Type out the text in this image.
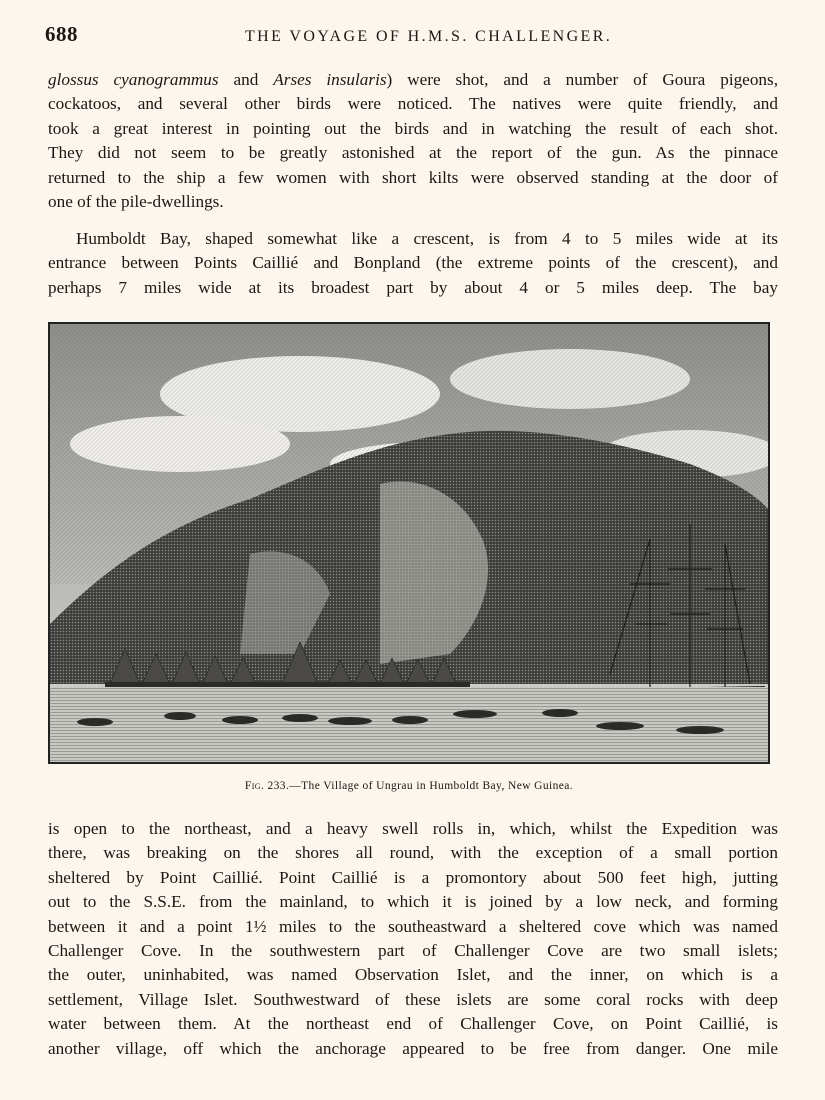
688	THE VOYAGE OF H.M.S. CHALLENGER.
glossus cyanogrammus and Arses insularis) were shot, and a number of Goura pigeons,
cockatoos, and several other birds were noticed. The natives were quite friendly, and
took a great interest in pointing out the birds and in watching the result of each shot.
They did not seem to be greatly astonished at the report of the gun. As the pinnace
returned to the ship a few women with short kilts were observed standing at the door of
one of the pile-dwellings.
Humboldt Bay, shaped somewhat like a crescent, is from 4 to 5 miles wide at its
entrance between Points Caillié and Bonpland (the extreme points of the crescent), and
perhaps 7 miles wide at its broadest part by about 4 or 5 miles deep. The bay
Fig. 233.—The Village of Ungrau in Humboldt Bay, New Guinea.
is open to the northeast, and a heavy swell rolls in, which, whilst the Expedition was
there, was breaking on the shores all round, with the exception of a small portion
sheltered by Point Caillié. Point Caillié is a promontory about 500 feet high, jutting
out to the S.S.E. from the mainland, to which it is joined by a low neck, and forming
between it and a point 1½ miles to the southeastward a sheltered cove which was named
Challenger Cove. In the southwestern part of Challenger Cove are two small islets;
the outer, uninhabited, was named Observation Islet, and the inner, on which is a
settlement, Village Islet. Southwestward of these islets are some coral rocks with deep
water between them. At the northeast end of Challenger Cove, on Point Caillié, is
another village, off which the anchorage appeared to be free from danger. One mile
